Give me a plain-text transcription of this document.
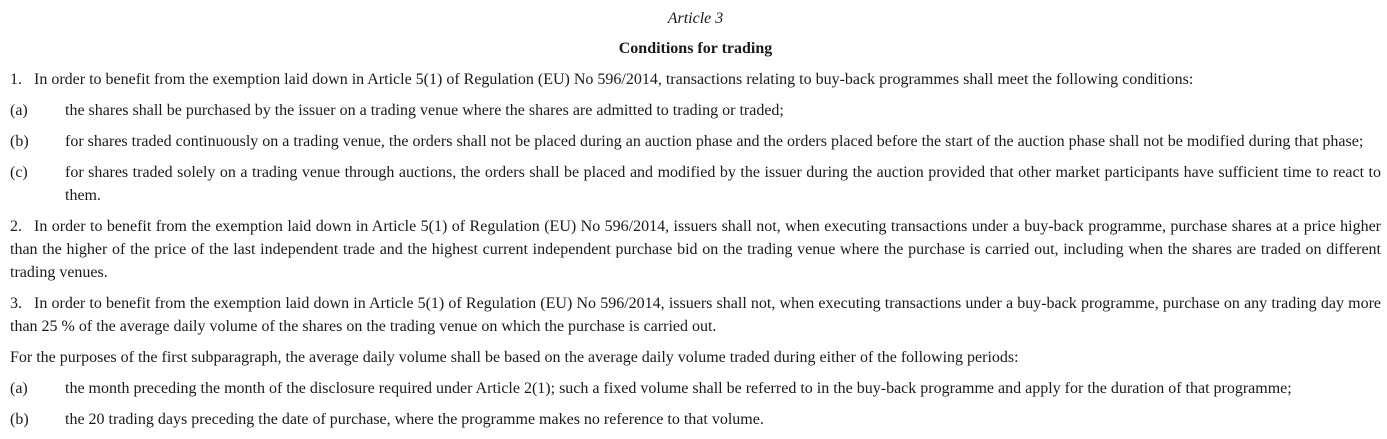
Article 3

Conditions for trading

1. In order to benefit from the exemption laid down in Article 5(1) of Regulation (EU) No 596/2014, transactions relating to buy-back programmes shall meet the following conditions:

(a)	the shares shall be purchased by the issuer on a trading venue where the shares are admitted to trading or traded;
(b)	for shares traded continuously on a trading venue, the orders shall not be placed during an auction phase and the orders placed before the start of the auction phase shall not be modified during that phase;
(c)	for shares traded solely on a trading venue through auctions, the orders shall be placed and modified by the issuer during the auction provided that other market participants have sufficient time to react to them.

2. In order to benefit from the exemption laid down in Article 5(1) of Regulation (EU) No 596/2014, issuers shall not, when executing transactions under a buy-back programme, purchase shares at a price higher than the higher of the price of the last independent trade and the highest current independent purchase bid on the trading venue where the purchase is carried out, including when the shares are traded on different trading venues.

3. In order to benefit from the exemption laid down in Article 5(1) of Regulation (EU) No 596/2014, issuers shall not, when executing transactions under a buy-back programme, purchase on any trading day more than 25 % of the average daily volume of the shares on the trading venue on which the purchase is carried out.

For the purposes of the first subparagraph, the average daily volume shall be based on the average daily volume traded during either of the following periods:

(a)	the month preceding the month of the disclosure required under Article 2(1); such a fixed volume shall be referred to in the buy-back programme and apply for the duration of that programme;
(b)	the 20 trading days preceding the date of purchase, where the programme makes no reference to that volume.
